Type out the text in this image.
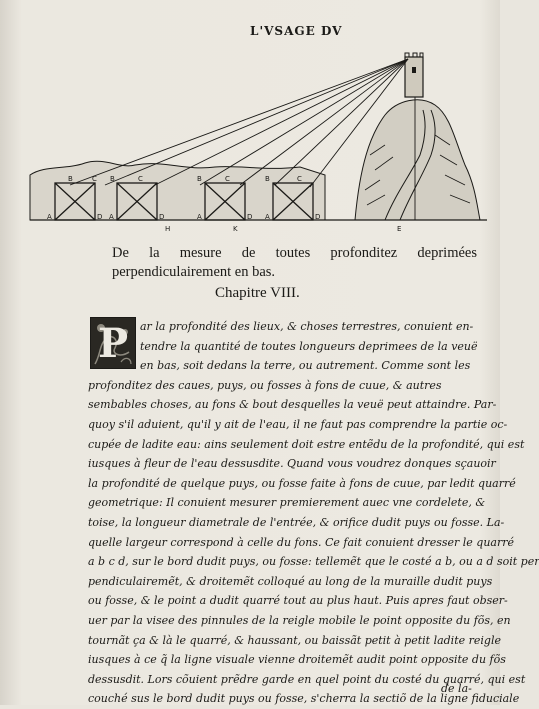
L'VSAGE DV
B	C B	C	B	C	B	C
A	D A	D	A	D A	D
H	K	E
De la mesure de toutes profonditez deprimées perpendiculairement en bas.
Chapitre VIII.
P	ar la profondité des lieux, & choses terrestres, conuient en-
tendre la quantité de toutes longueurs deprimees de la veuë
en bas, soit dedans la terre, ou autrement. Comme sont les
profonditez des caues, puys, ou fosses à fons de cuue, & autres
sembables choses, au fons & bout desquelles la veuë peut attaindre. Par-
quoy s'il aduient, qu'il y ait de l'eau, il ne faut pas comprendre la partie oc-
cupée de ladite eau: ains seulement doit estre entẽdu de la profondité, qui est
iusques à fleur de l'eau dessusdite. Quand vous voudrez donques sçauoir
la profondité de quelque puys, ou fosse faite à fons de cuue, par ledit quarré
geometrique: Il conuient mesurer premierement auec vne cordelete, &
toise, la longueur diametrale de l'entrée, & orifice dudit puys ou fosse. La-
quelle largeur correspond à celle du fons. Ce fait conuient dresser le quarré
a b c d, sur le bord dudit puys, ou fosse: tellemẽt que le costé a b, ou a d soit per
pendiculairemẽt, & droitemẽt colloqué au long de la muraille dudit puys
ou fosse, & le point a dudit quarré tout au plus haut. Puis apres faut obser-
uer par la visee des pinnules de la reigle mobile le point opposite du fõs, en
tournãt ça & là le quarré, & haussant, ou baissãt petit à petit ladite reigle
iusques à ce q̃ la ligne visuale vienne droitemẽt audit point opposite du fõs
dessusdit. Lors cõuient prẽdre garde en quel point du costé du quarré, qui est
couché sus le bord dudit puys ou fosse, s'cherra la sectiõ de la ligne fiduciale
de la-
